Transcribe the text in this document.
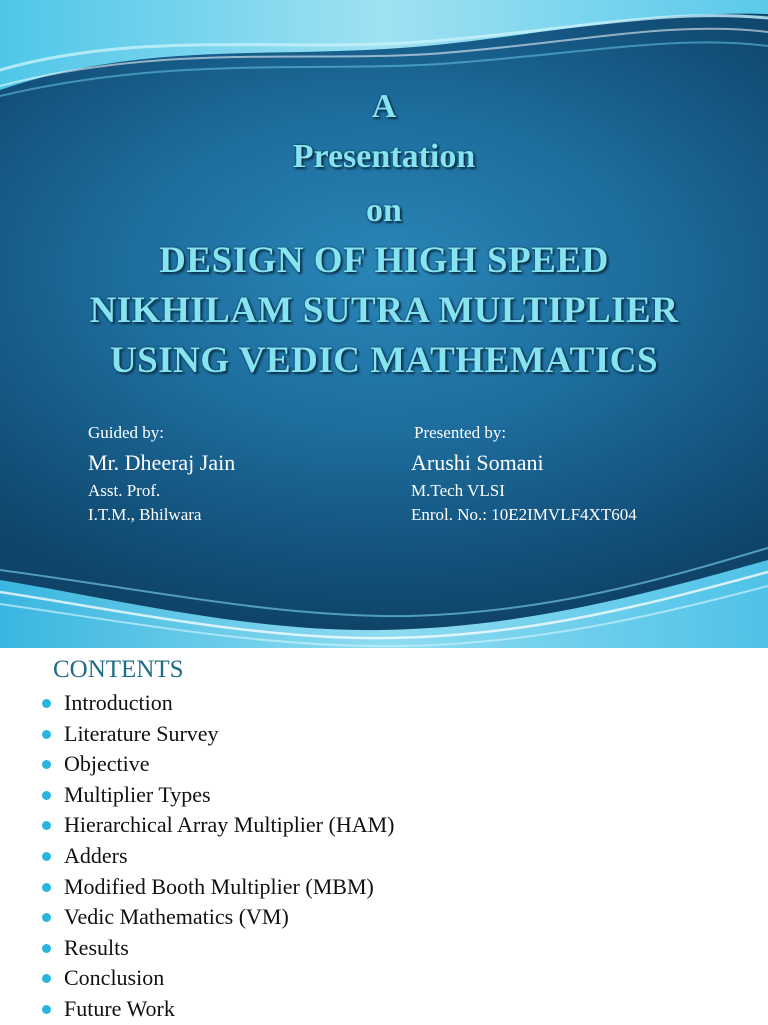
A
Presentation
on
DESIGN OF HIGH SPEED
NIKHILAM SUTRA MULTIPLIER
USING VEDIC MATHEMATICS
Guided by:
Mr. Dheeraj Jain
Asst. Prof.
I.T.M., Bhilwara
Presented by:
Arushi Somani
M.Tech VLSI
Enrol. No.: 10E2IMVLF4XT604
CONTENTS
Introduction
Literature Survey
Objective
Multiplier Types
Hierarchical Array Multiplier (HAM)
Adders
Modified Booth Multiplier (MBM)
Vedic Mathematics (VM)
Results
Conclusion
Future Work
